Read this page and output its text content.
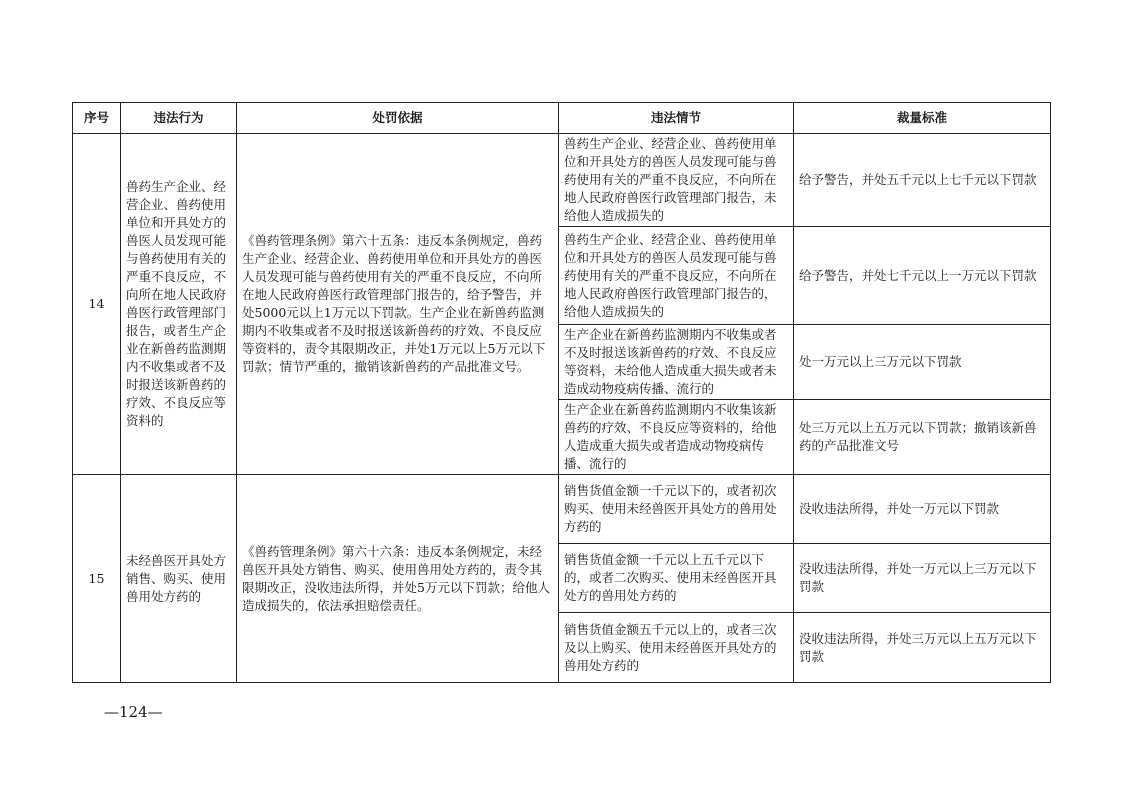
序号	违法行为	处罚依据	违法情节	裁量标准
14	兽药生产企业、经营企业、兽药使用单位和开具处方的兽医人员发现可能与兽药使用有关的严重不良反应，不向所在地人民政府兽医行政管理部门报告，或者生产企业在新兽药监测期内不收集或者不及时报送该新兽药的疗效、不良反应等资料的	《兽药管理条例》第六十五条：违反本条例规定，兽药生产企业、经营企业、兽药使用单位和开具处方的兽医人员发现可能与兽药使用有关的严重不良反应，不向所在地人民政府兽医行政管理部门报告的，给予警告，并处5000元以上1万元以下罚款。生产企业在新兽药监测期内不收集或者不及时报送该新兽药的疗效、不良反应等资料的，责令其限期改正，并处1万元以上5万元以下罚款；情节严重的，撤销该新兽药的产品批准文号。	兽药生产企业、经营企业、兽药使用单位和开具处方的兽医人员发现可能与兽药使用有关的严重不良反应，不向所在地人民政府兽医行政管理部门报告，未给他人造成损失的	给予警告，并处五千元以上七千元以下罚款
			兽药生产企业、经营企业、兽药使用单位和开具处方的兽医人员发现可能与兽药使用有关的严重不良反应，不向所在地人民政府兽医行政管理部门报告的，给他人造成损失的	给予警告，并处七千元以上一万元以下罚款
			生产企业在新兽药监测期内不收集或者不及时报送该新兽药的疗效、不良反应等资料，未给他人造成重大损失或者未造成动物疫病传播、流行的	处一万元以上三万元以下罚款
			生产企业在新兽药监测期内不收集该新兽药的疗效、不良反应等资料的，给他人造成重大损失或者造成动物疫病传播、流行的	处三万元以上五万元以下罚款；撤销该新兽药的产品批准文号
15	未经兽医开具处方销售、购买、使用兽用处方药的	《兽药管理条例》第六十六条：违反本条例规定，未经兽医开具处方销售、购买、使用兽用处方药的，责令其限期改正，没收违法所得，并处5万元以下罚款；给他人造成损失的，依法承担赔偿责任。	销售货值金额一千元以下的，或者初次购买、使用未经兽医开具处方的兽用处方药的	没收违法所得，并处一万元以下罚款
			销售货值金额一千元以上五千元以下的，或者二次购买、使用未经兽医开具处方的兽用处方药的	没收违法所得，并处一万元以上三万元以下罚款
			销售货值金额五千元以上的，或者三次及以上购买、使用未经兽医开具处方的兽用处方药的	没收违法所得，并处三万元以上五万元以下罚款
—124—
